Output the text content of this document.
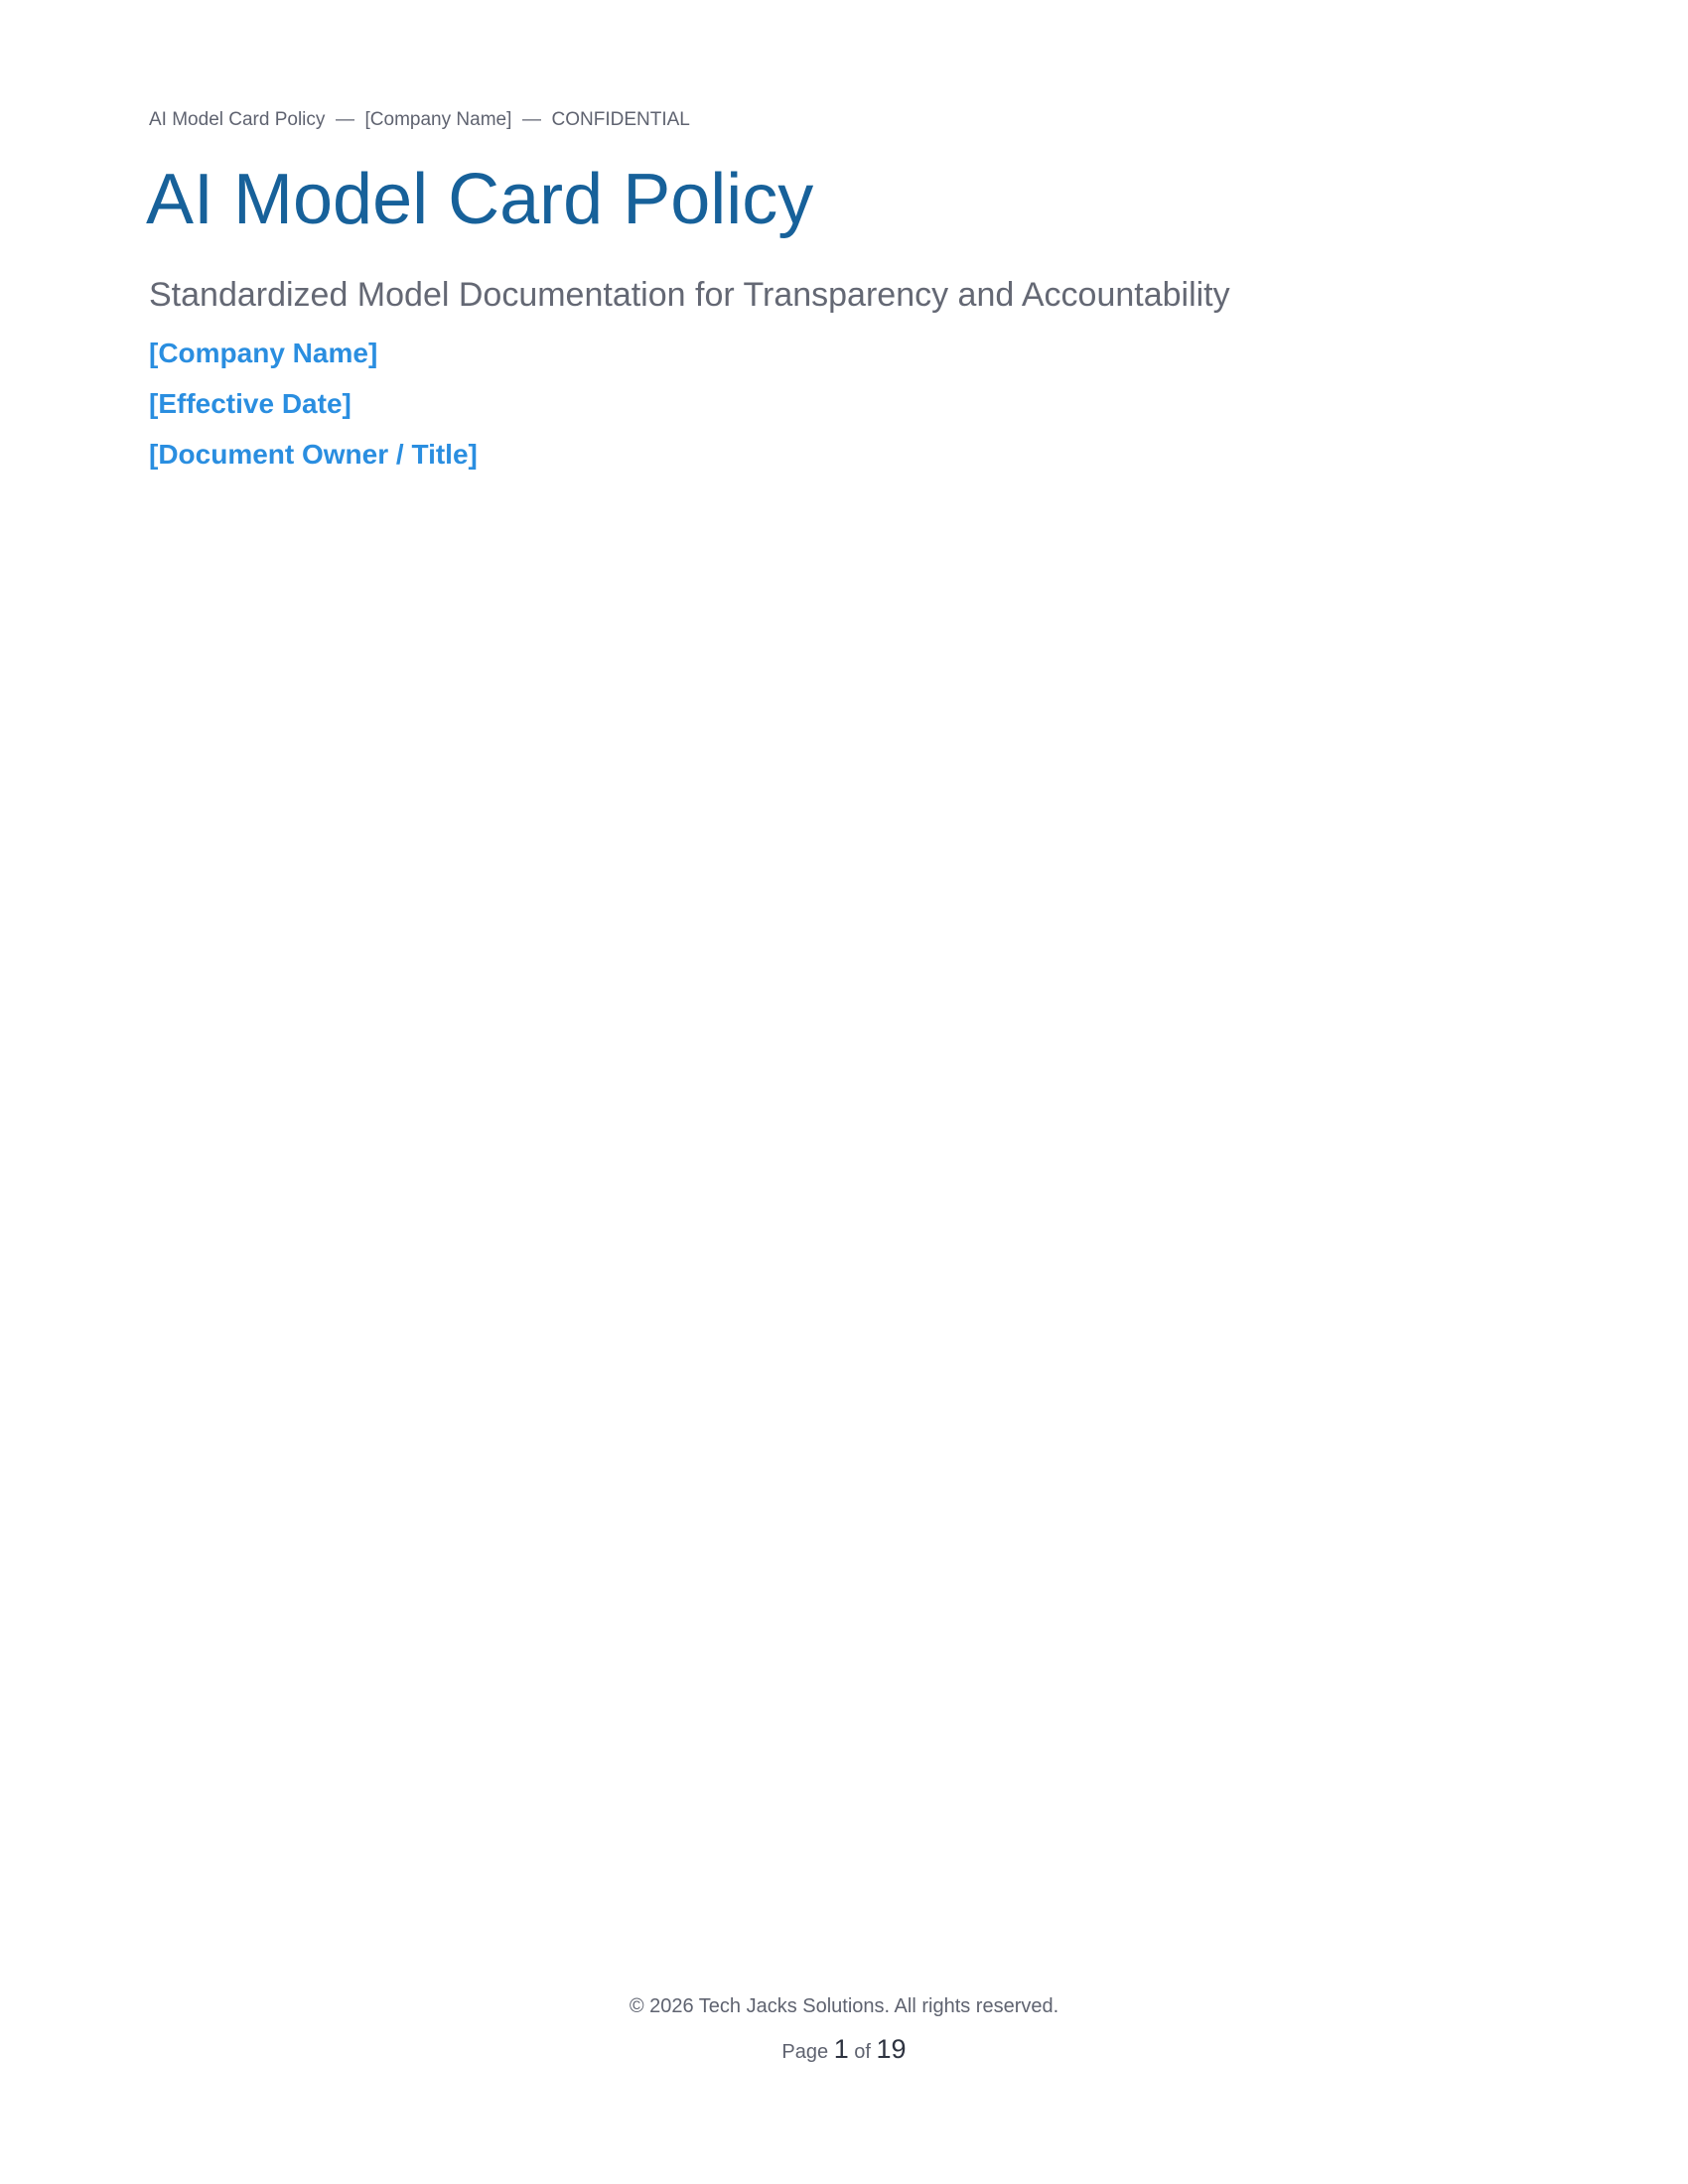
AI Model Card Policy — [Company Name] — CONFIDENTIAL
AI Model Card Policy
Standardized Model Documentation for Transparency and Accountability
[Company Name]
[Effective Date]
[Document Owner / Title]
© 2026 Tech Jacks Solutions. All rights reserved.
Page 1 of 19
